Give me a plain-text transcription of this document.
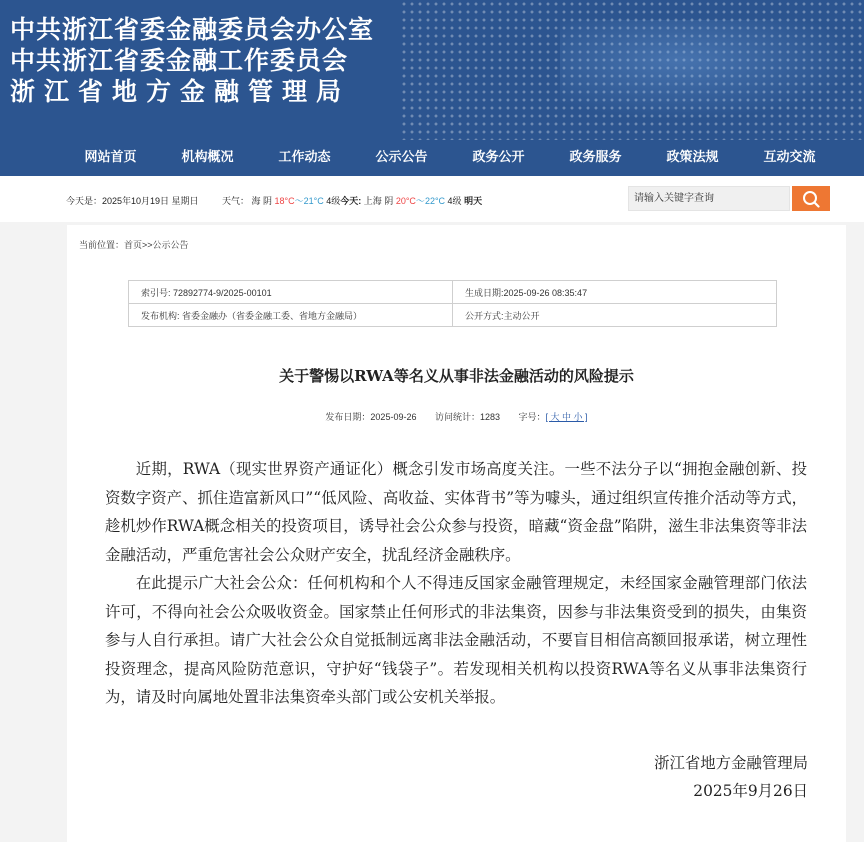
中共浙江省委金融委员会办公室
中共浙江省委金融工作委员会
浙江省地方金融管理局
网站首页	机构概况	工作动态	公示公告	政务公开	政务服务	政策法规	互动交流
今天是：2025年10月19日 星期日	天气： 海 阴 18°C～21°C 4级今天: 上海 阴 20°C～22°C 4级 明天	请输入关键字查询
当前位置：首页>>公示公告
索引号: 72892774-9/2025-00101	生成日期:2025-09-26 08:35:47
发布机构: 省委金融办（省委金融工委、省地方金融局）	公开方式:主动公开
关于警惕以RWA等名义从事非法金融活动的风险提示
发布日期：2025-09-26 访问统计：1283 字号：[ 大 中 小 ]

近期，RWA（现实世界资产通证化）概念引发市场高度关注。一些不法分子以“拥抱金融创新、投资数字资产、抓住造富新风口”“低风险、高收益、实体背书”等为噱头，通过组织宣传推介活动等方式，趁机炒作RWA概念相关的投资项目，诱导社会公众参与投资，暗藏“资金盘”陷阱，滋生非法集资等非法金融活动，严重危害社会公众财产安全，扰乱经济金融秩序。

在此提示广大社会公众：任何机构和个人不得违反国家金融管理规定，未经国家金融管理部门依法许可，不得向社会公众吸收资金。国家禁止任何形式的非法集资，因参与非法集资受到的损失，由集资参与人自行承担。请广大社会公众自觉抵制远离非法金融活动，不要盲目相信高额回报承诺，树立理性投资理念，提高风险防范意识，守护好“钱袋子”。若发现相关机构以投资RWA等名义从事非法集资行为，请及时向属地处置非法集资牵头部门或公安机关举报。

浙江省地方金融管理局
2025年9月26日
